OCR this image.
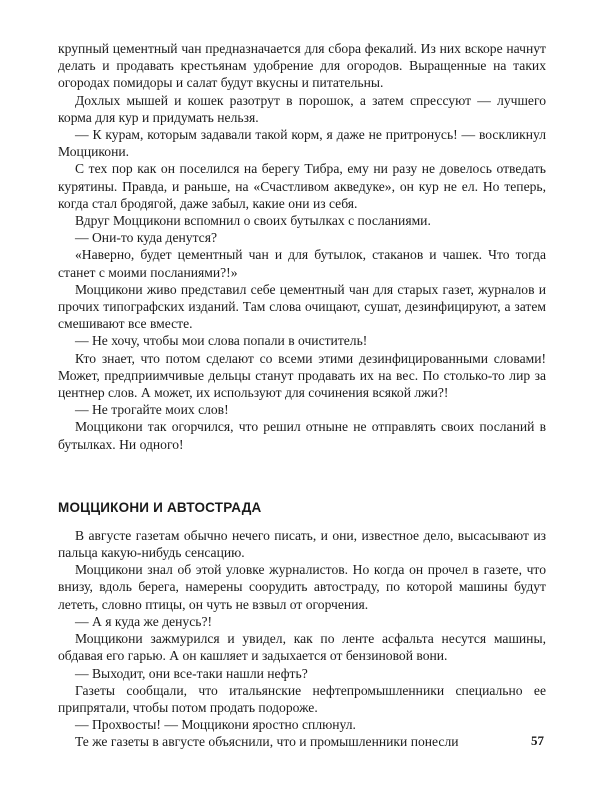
крупный цементный чан предназначается для сбора фекалий. Из них вскоре начнут делать и продавать крестьянам удобрение для огородов. Выращенные на таких огородах помидоры и салат будут вкусны и питательны.

Дохлых мышей и кошек разотрут в порошок, а затем спрессуют — лучшего корма для кур и придумать нельзя.

— К курам, которым задавали такой корм, я даже не притронусь! — воскликнул Моццикони.

С тех пор как он поселился на берегу Тибра, ему ни разу не довелось отведать курятины. Правда, и раньше, на «Счастливом акведуке», он кур не ел. Но теперь, когда стал бродягой, даже забыл, какие они из себя.

Вдруг Моццикони вспомнил о своих бутылках с посланиями.

— Они-то куда денутся?

«Наверно, будет цементный чан и для бутылок, стаканов и чашек. Что тогда станет с моими посланиями?!»

Моццикони живо представил себе цементный чан для старых газет, журналов и прочих типографских изданий. Там слова очищают, сушат, дезинфицируют, а затем смешивают все вместе.

— Не хочу, чтобы мои слова попали в очиститель!

Кто знает, что потом сделают со всеми этими дезинфицированными словами! Может, предприимчивые дельцы станут продавать их на вес. По столько-то лир за центнер слов. А может, их используют для сочинения всякой лжи?!

— Не трогайте моих слов!

Моццикони так огорчился, что решил отныне не отправлять своих посланий в бутылках. Ни одного!

МОЦЦИКОНИ И АВТОСТРАДА

В августе газетам обычно нечего писать, и они, известное дело, высасывают из пальца какую-нибудь сенсацию.

Моццикони знал об этой уловке журналистов. Но когда он прочел в газете, что внизу, вдоль берега, намерены соорудить автостраду, по которой машины будут лететь, словно птицы, он чуть не взвыл от огорчения.

— А я куда же денусь?!

Моццикони зажмурился и увидел, как по ленте асфальта несутся машины, обдавая его гарью. А он кашляет и задыхается от бензиновой вони.

— Выходит, они все-таки нашли нефть?

Газеты сообщали, что итальянские нефтепромышленники специально ее припрятали, чтобы потом продать подороже.

— Прохвосты! — Моццикони яростно сплюнул.

Те же газеты в августе объяснили, что и промышленники понесли	57
